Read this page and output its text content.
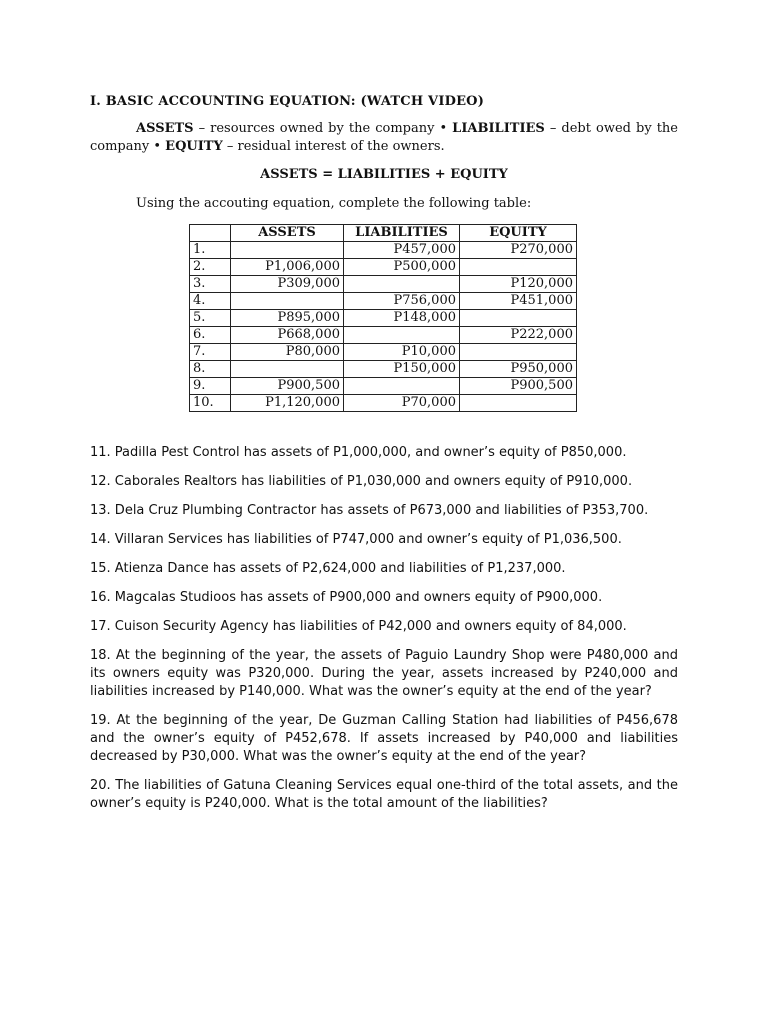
I. BASIC ACCOUNTING EQUATION: (WATCH VIDEO)
ASSETS – resources owned by the company • LIABILITIES – debt owed by the company • EQUITY – residual interest of the owners.
ASSETS = LIABILITIES + EQUITY
Using the accouting equation, complete the following table:
	ASSETS	LIABILITIES	EQUITY
1.		P457,000	P270,000
2.	P1,006,000	P500,000	
3.	P309,000		P120,000
4.		P756,000	P451,000
5.	P895,000	P148,000	
6.	P668,000		P222,000
7.	P80,000	P10,000	
8.		P150,000	P950,000
9.	P900,500		P900,500
10.	P1,120,000	P70,000	
11. Padilla Pest Control has assets of P1,000,000, and owner’s equity of P850,000.
12. Caborales Realtors has liabilities of P1,030,000 and owners equity of P910,000.
13. Dela Cruz Plumbing Contractor has assets of P673,000 and liabilities of P353,700.
14. Villaran Services has liabilities of P747,000 and owner’s equity of P1,036,500.
15. Atienza Dance has assets of P2,624,000 and liabilities of P1,237,000.
16. Magcalas Studioos has assets of P900,000 and owners equity of P900,000.
17. Cuison Security Agency has liabilities of P42,000 and owners equity of 84,000.
18. At the beginning of the year, the assets of Paguio Laundry Shop were P480,000 and its owners equity was P320,000. During the year, assets increased by P240,000 and liabilities increased by P140,000. What was the owner’s equity at the end of the year?
19. At the beginning of the year, De Guzman Calling Station had liabilities of P456,678 and the owner’s equity of P452,678. If assets increased by P40,000 and liabilities decreased by P30,000. What was the owner’s equity at the end of the year?
20. The liabilities of Gatuna Cleaning Services equal one-third of the total assets, and the owner’s equity is P240,000. What is the total amount of the liabilities?
